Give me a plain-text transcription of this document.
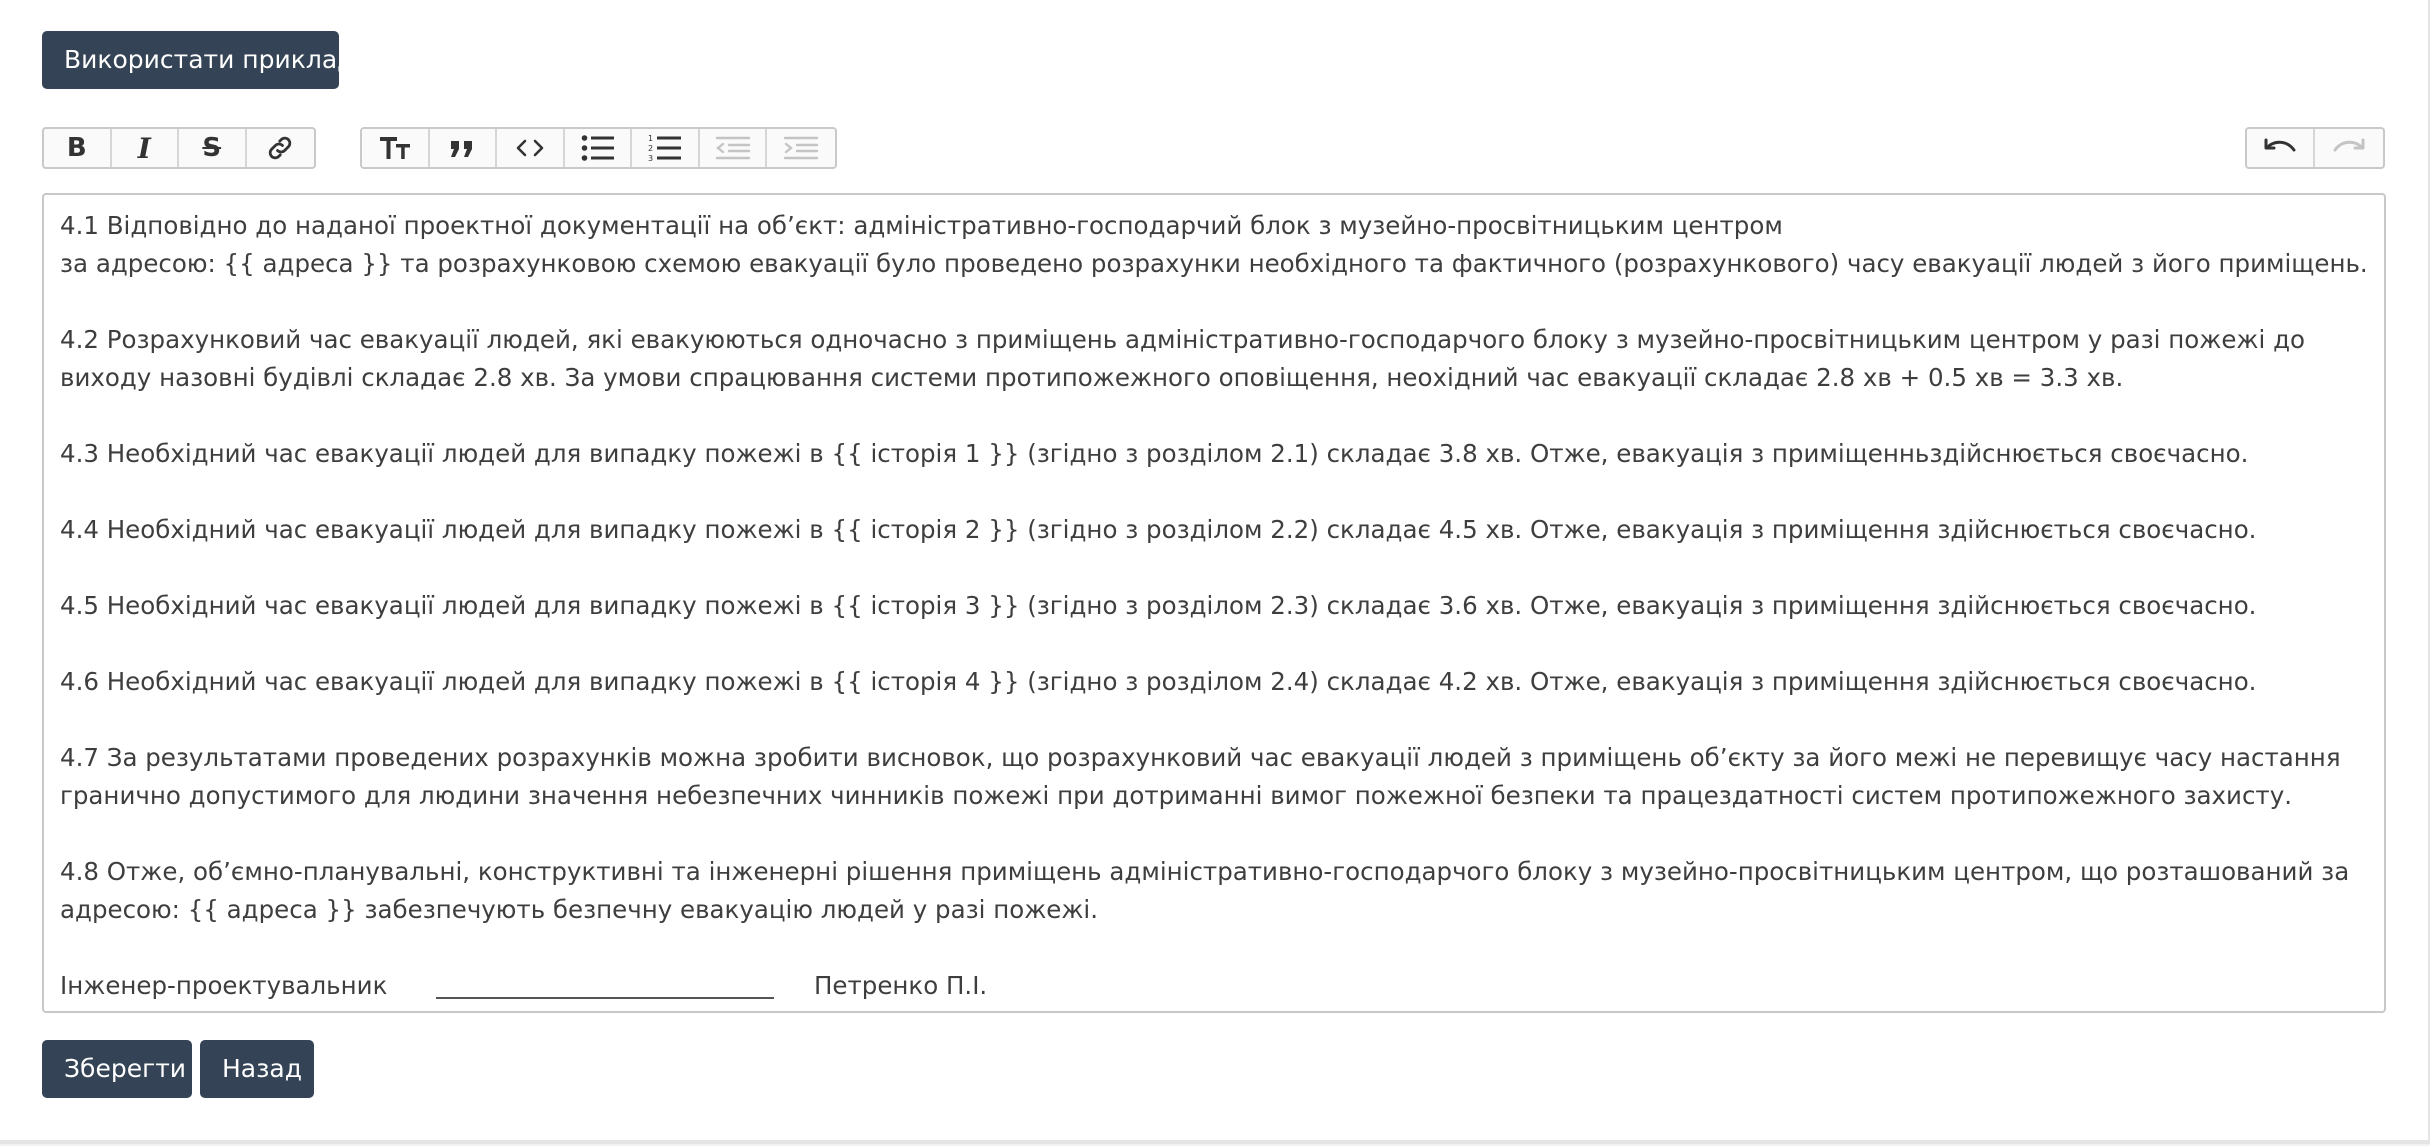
Використати приклад
B I S	1
2
3

4.1 Відповідно до наданої проектної документації на об’єкт: адміністративно-господарчий блок з музейно-просвітницьким центром

за адресою: {{ адреса }} та розрахунковою схемою евакуації було проведено розрахунки необхідного та фактичного (розрахункового) часу евакуації людей з його приміщень.

4.2 Розрахунковий час евакуації людей, які евакуюються одночасно з приміщень адміністративно-господарчого блоку з музейно-просвітницьким центром у разі пожежі до виходу назовні будівлі складає 2.8 хв. За умови спрацювання системи протипожежного оповіщення, неохідний час евакуації складає 2.8 хв + 0.5 хв = 3.3 хв.

4.3 Необхідний час евакуації людей для випадку пожежі в {{ історія 1 }} (згідно з розділом 2.1) складає 3.8 хв. Отже, евакуація з приміщенньздійснюється своєчасно.

4.4 Необхідний час евакуації людей для випадку пожежі в {{ історія 2 }} (згідно з розділом 2.2) складає 4.5 хв. Отже, евакуація з приміщення здійснюється своєчасно.

4.5 Необхідний час евакуації людей для випадку пожежі в {{ історія 3 }} (згідно з розділом 2.3) складає 3.6 хв. Отже, евакуація з приміщення здійснюється своєчасно.

4.6 Необхідний час евакуації людей для випадку пожежі в {{ історія 4 }} (згідно з розділом 2.4) складає 4.2 хв. Отже, евакуація з приміщення здійснюється своєчасно.

4.7 За результатами проведених розрахунків можна зробити висновок, що розрахунковий час евакуації людей з приміщень об’єкту за його межі не перевищує часу настання гранично допустимого для людини значення небезпечних чинників пожежі при дотриманні вимог пожежної безпеки та працездатності систем протипожежного захисту.

4.8 Отже, об’ємно-планувальні, конструктивні та інженерні рішення приміщень адміністративно-господарчого блоку з музейно-просвітницьким центром, що розташований за адресою: {{ адреса }} забезпечують безпечну евакуацію людей у разі пожежі.

Інженер-проектувальник	Петренко П.І.
Зберегти	Назад
